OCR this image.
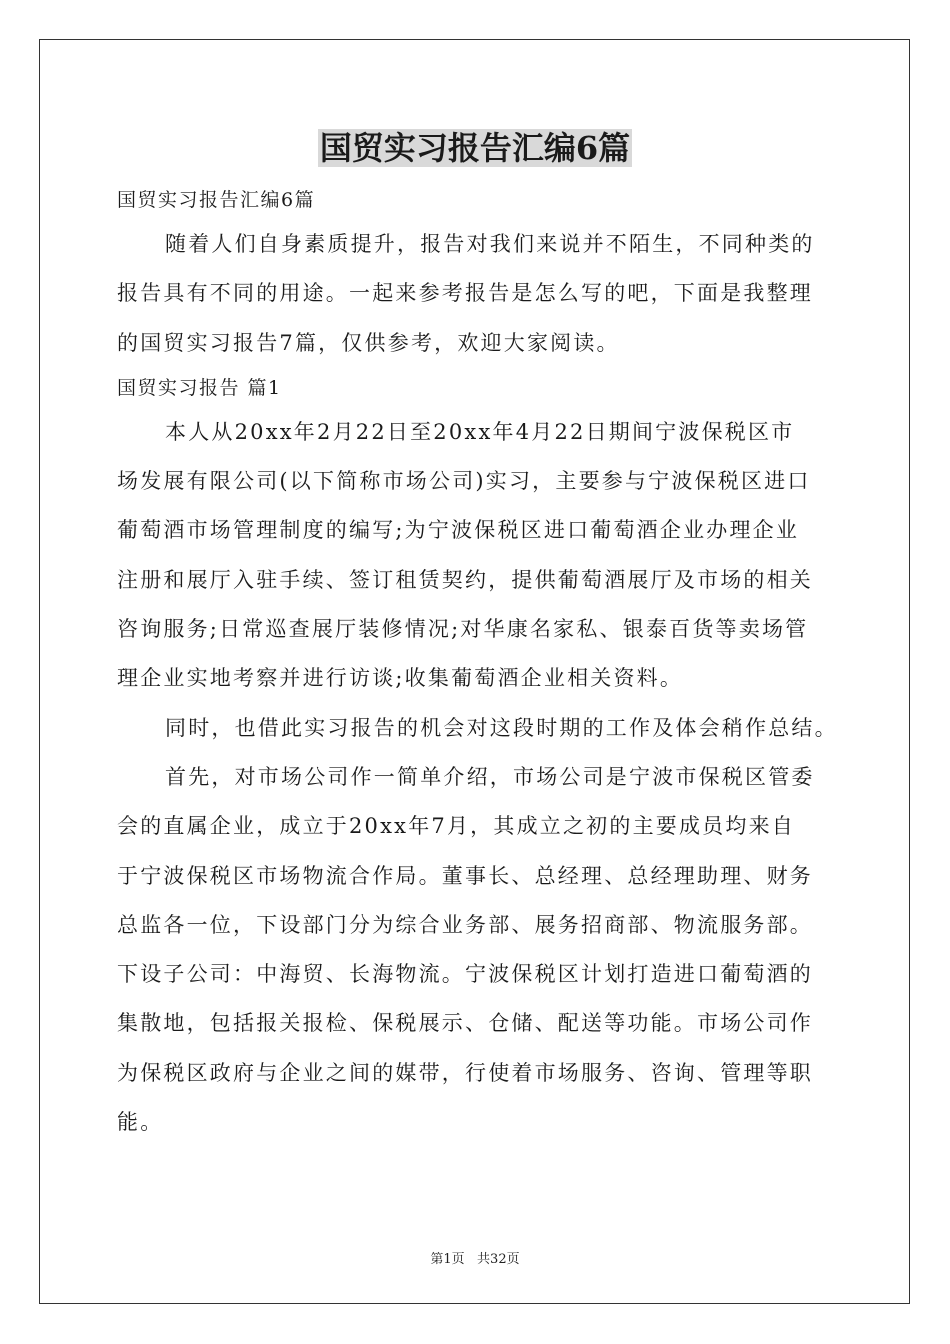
国贸实习报告汇编6篇

国贸实习报告汇编6篇

随着人们自身素质提升，报告对我们来说并不陌生，不同种类的

报告具有不同的用途。一起来参考报告是怎么写的吧，下面是我整理

的国贸实习报告7篇，仅供参考，欢迎大家阅读。

国贸实习报告 篇1

本人从20xx年2月22日至20xx年4月22日期间宁波保税区市

场发展有限公司(以下简称市场公司)实习，主要参与宁波保税区进口

葡萄酒市场管理制度的编写;为宁波保税区进口葡萄酒企业办理企业

注册和展厅入驻手续、签订租赁契约，提供葡萄酒展厅及市场的相关

咨询服务;日常巡查展厅装修情况;对华康名家私、银泰百货等卖场管

理企业实地考察并进行访谈;收集葡萄酒企业相关资料。

同时，也借此实习报告的机会对这段时期的工作及体会稍作总结。

首先，对市场公司作一简单介绍，市场公司是宁波市保税区管委

会的直属企业，成立于20xx年7月，其成立之初的主要成员均来自

于宁波保税区市场物流合作局。董事长、总经理、总经理助理、财务

总监各一位，下设部门分为综合业务部、展务招商部、物流服务部。

下设子公司：中海贸、长海物流。宁波保税区计划打造进口葡萄酒的

集散地，包括报关报检、保税展示、仓储、配送等功能。市场公司作

为保税区政府与企业之间的媒带，行使着市场服务、咨询、管理等职

能。

第1页   共32页
